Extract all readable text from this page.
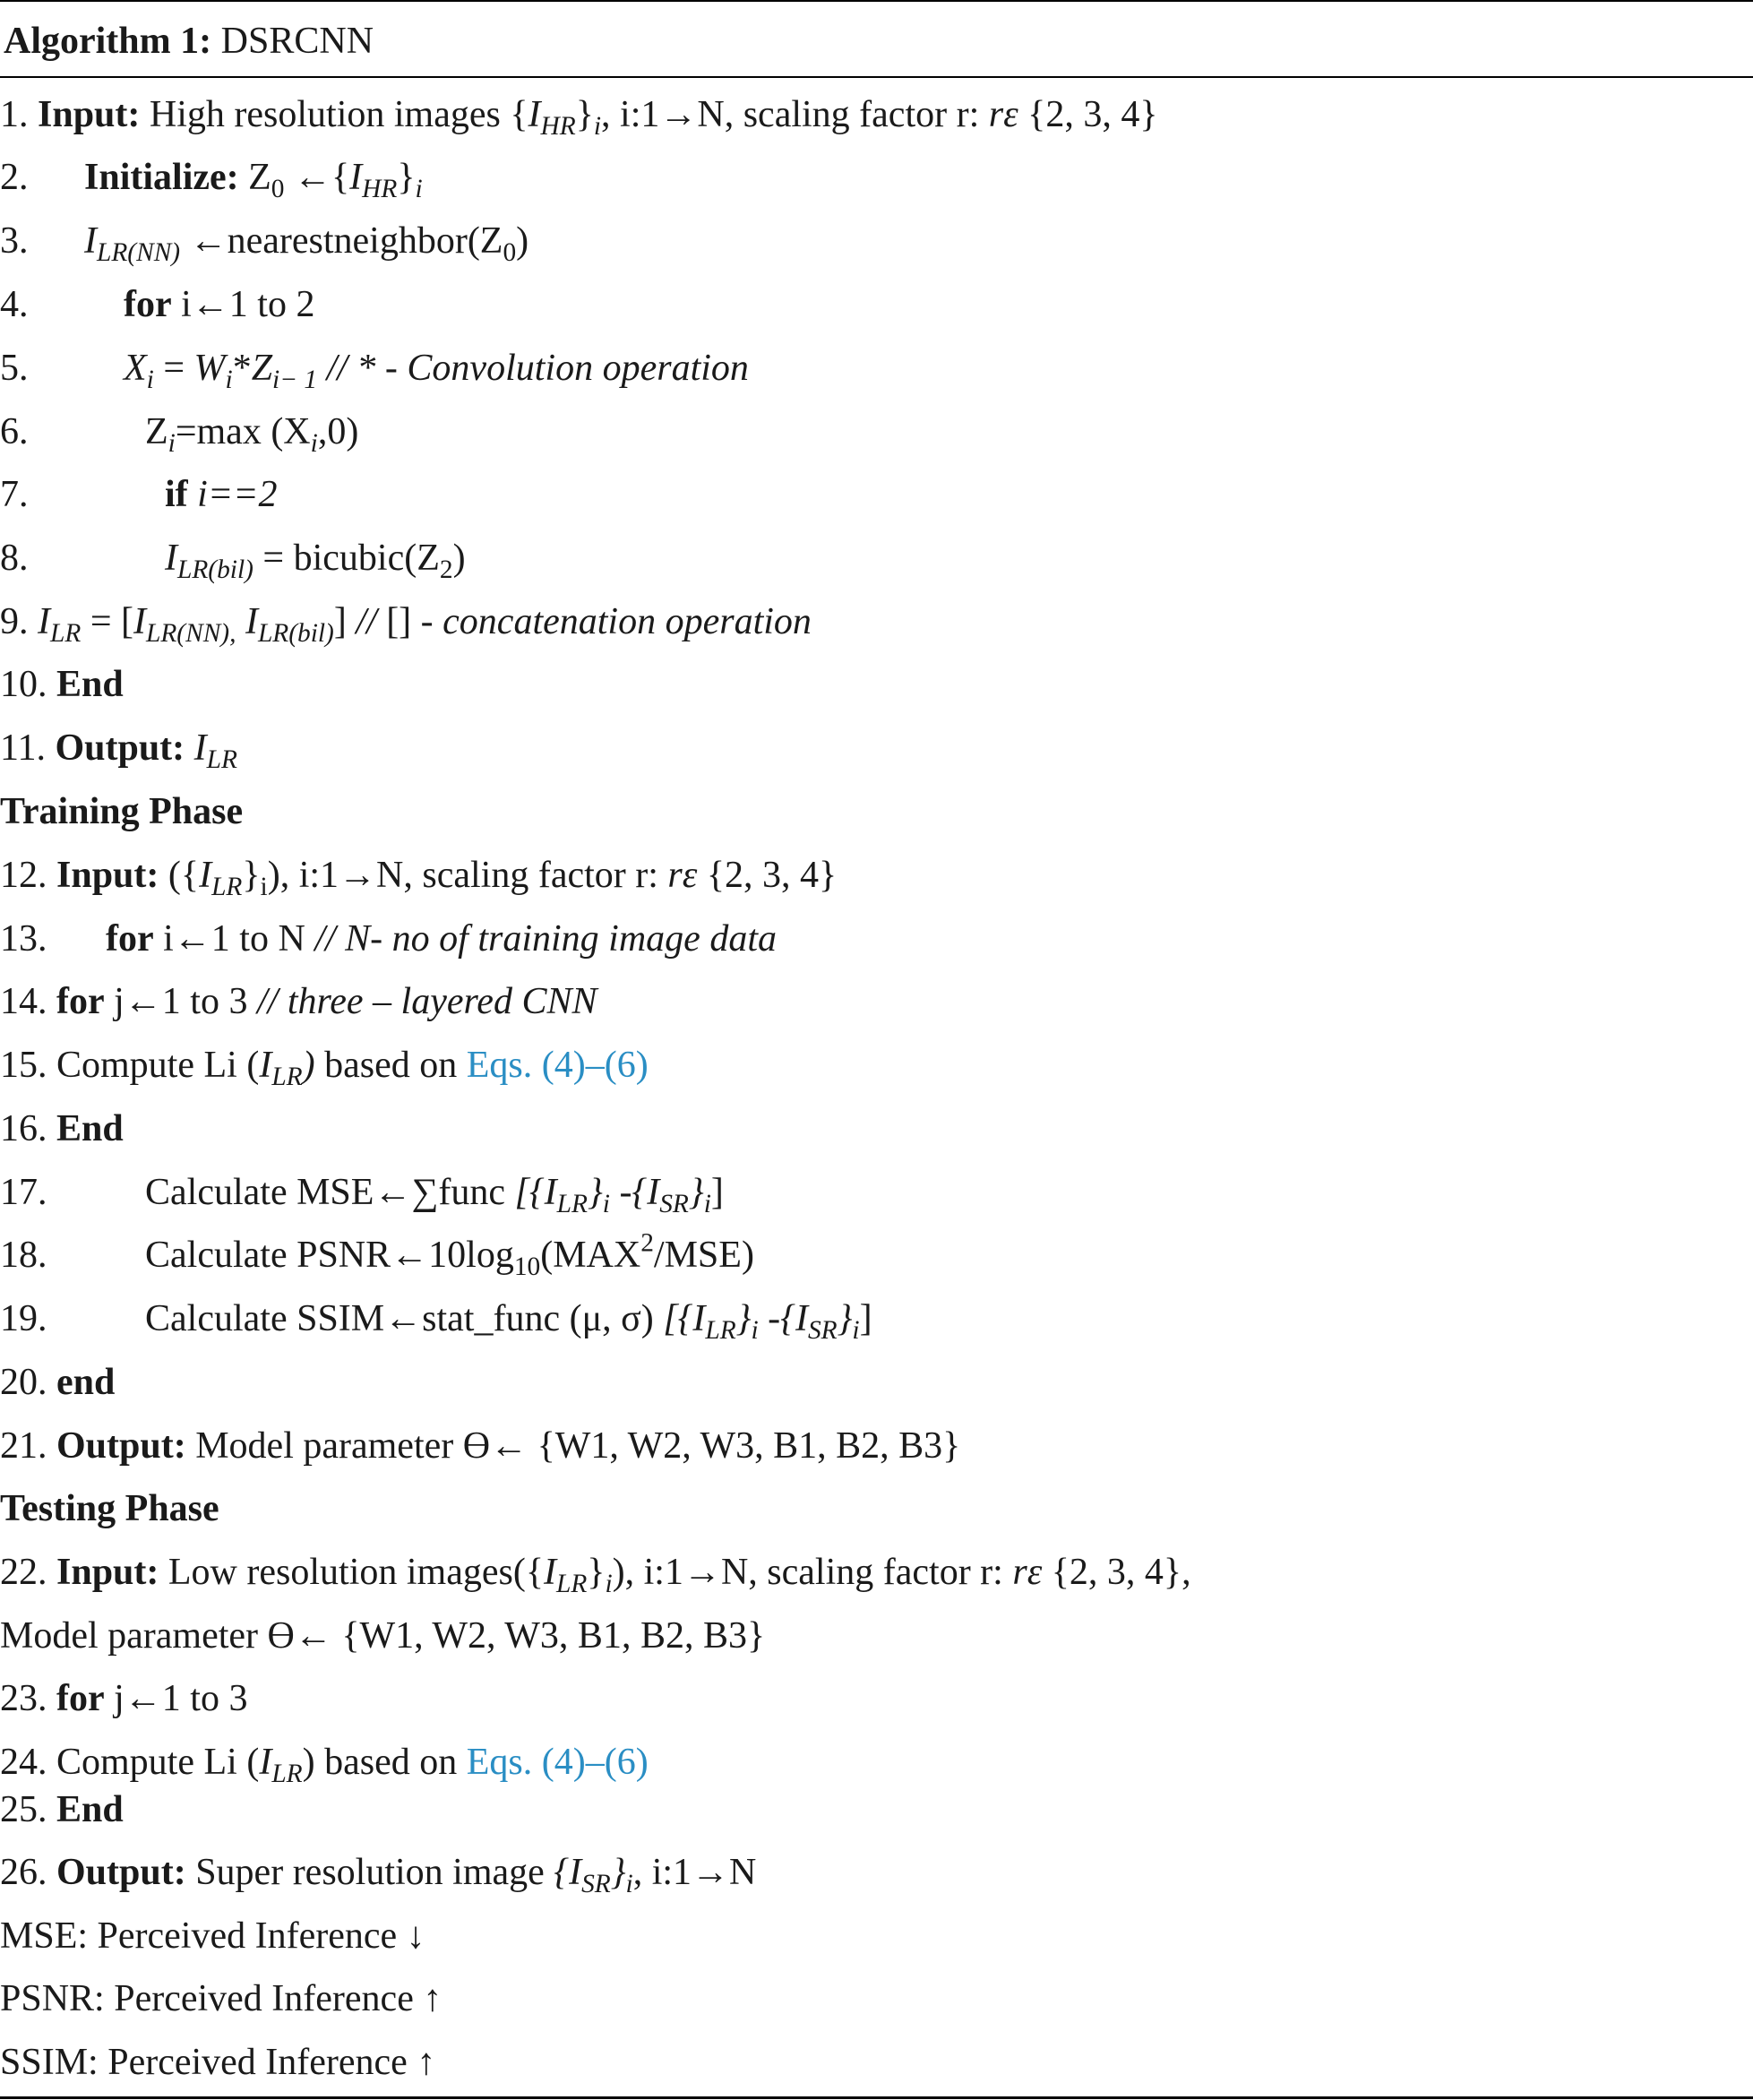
Algorithm 1: DSRCNN
1. Input: High resolution images $\{I_{HR}\}_i$, i:1→N, scaling factor r: rε {2, 3, 4}
2. Initialize: $Z_0$ $\leftarrow\{I_{HR}\}_i$
3. $I_{LR(NN)}$ $\leftarrow nearestneighbor(Z_0)$
4.	for i←1 to 2
5.	$X_i = W_i*Z_{i- 1}$ // * - Convolution operation
6.	$Z_i=\max$ $(X_i,0)$
7.	if i==2
8.	$I_{LR(bil)}$ = $bicubic(Z_2)$
9. $I_{LR} = [I_{LR(NN),}$ $I_{LR(bil)}$] // [] - concatenation operation
10. End
11. Output: $I_{LR}$
Training Phase
12. Input: $(\{I_{LR}\}_i)$, i:1→N, scaling factor r: rε {2, 3, 4}
13. for i←1 to N // N- no of training image data
14. for j←1 to 3 // three – layered CNN
15. Compute Li $(I_{LR})$ based on Eqs. (4)–(6)
16. End
17.	Calculate MSE←∑func [$\{I_{LR}\}_i$ $-\{I_{SR}\}_i$]
18.	Calculate $PSNR\leftarrow 10\log_{10}(MAX^2/MSE)$
19.	Calculate SSIM←stat_func (μ, σ) [$\{I_{LR}\}_i$ $-\{I_{SR}\}_i$]
20. end
21. Output: Model parameter ϴ← {W1, W2, W3, B1, B2, B3}
Testing Phase
22. Input: Low resolution $images(\{I_{LR}\}_i)$, i:1→N, scaling factor r: rε {2, 3, 4},
Model parameter ϴ← {W1, W2, W3, B1, B2, B3}
23. for j←1 to 3
24. Compute Li $(I_{LR})$ based on Eqs. (4)–(6)
25. End
26. Output: Super resolution image $\{I_{SR}\}_i$, i:1→N
MSE: Perceived Inference ↓
PSNR: Perceived Inference ↑
SSIM: Perceived Inference ↑
